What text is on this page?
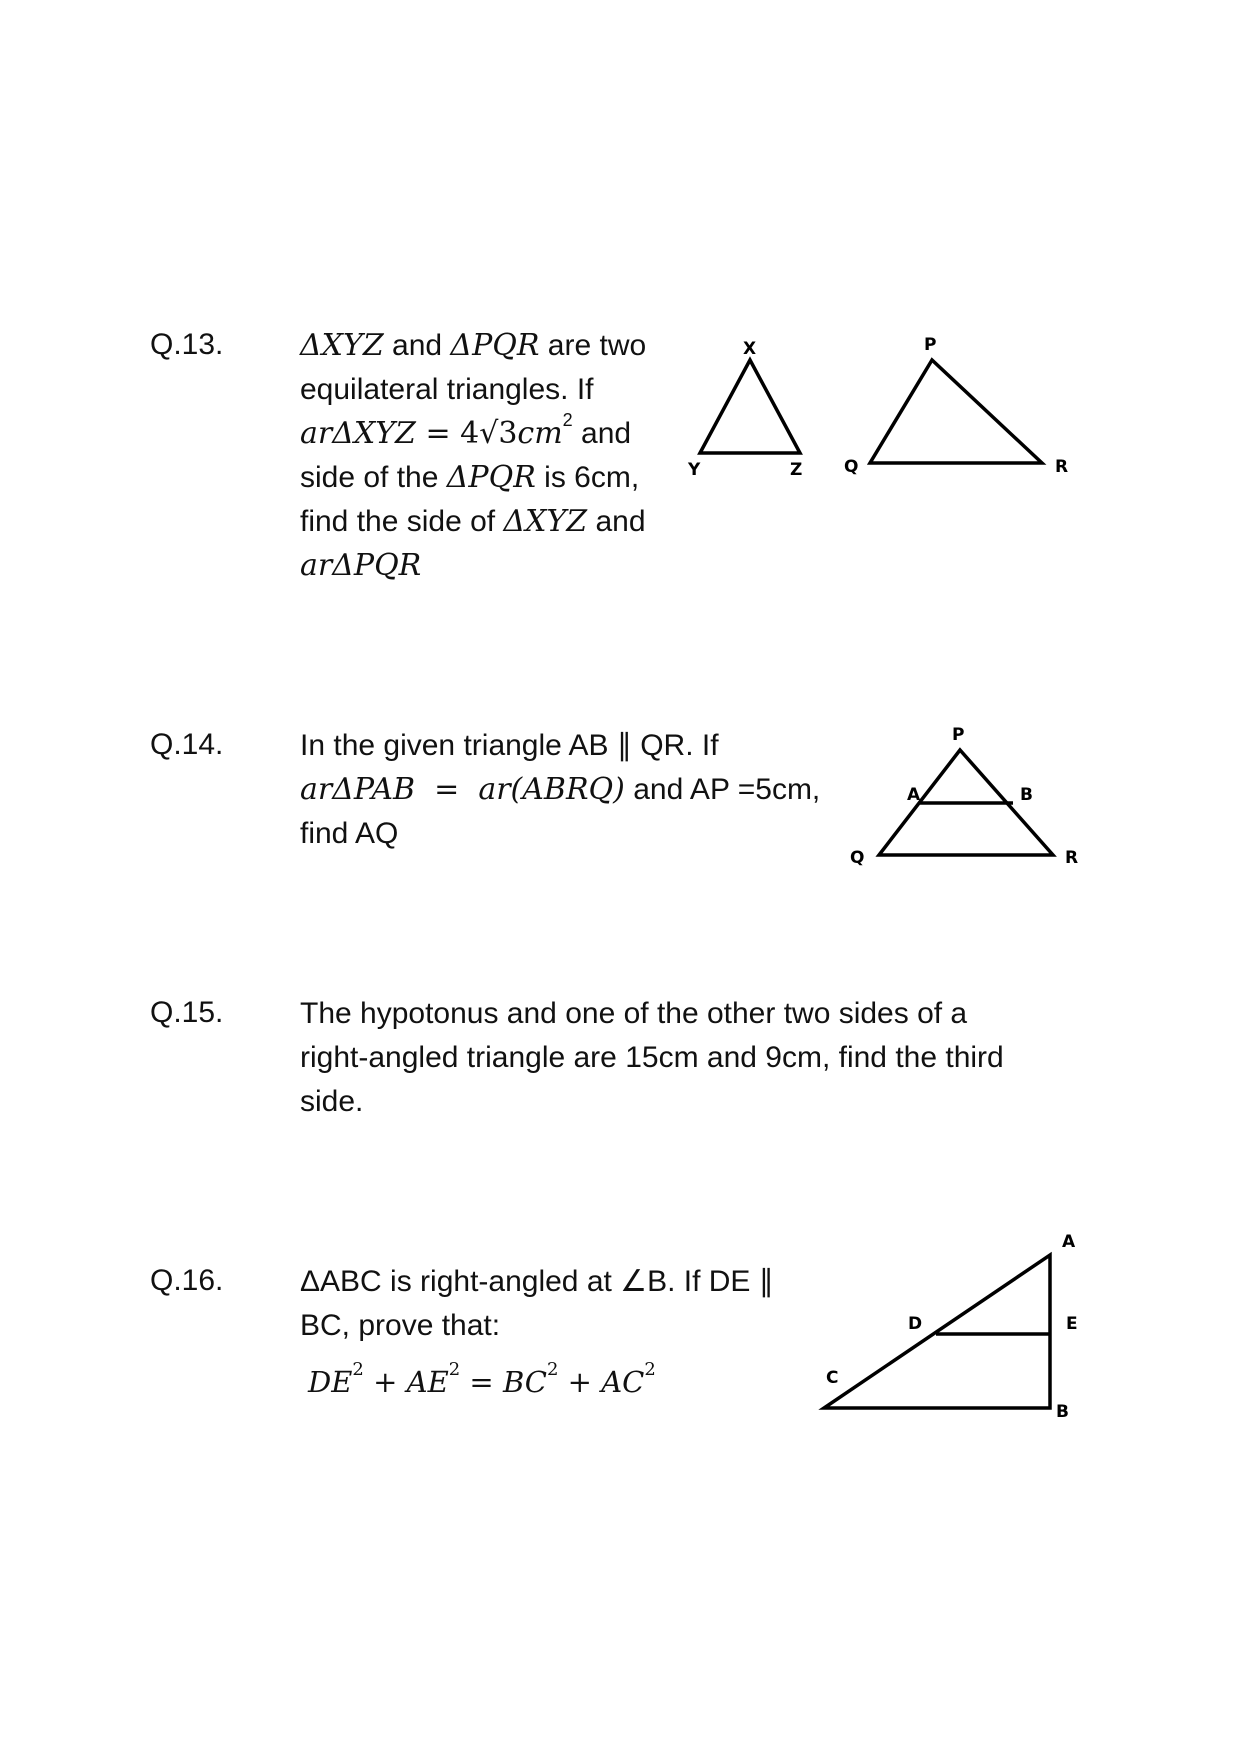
Q.13.	ΔXYZ and ΔPQR are two
equilateral triangles. If
$ar\Delta XYZ = 4√3cm^2$ and
side of the ΔPQR is 6cm,
find the side of ΔXYZ and
arΔPQR
X
Y	Z
P
Q	R
Q.14.	In the given triangle AB ∥ QR. If
arΔPAB  =  ar(ABRQ) and AP =5cm,
find AQ
P
A	B
Q	R
Q.15.	The hypotonus and one of the other two sides of a
right-angled triangle are 15cm and 9cm, find the third
side.
Q.16.	ΔABC is right-angled at ∠B. If DE ∥
BC, prove that:
$DE^2 + AE^2 = BC^2 + AC^2$
A
D	E
C
B
